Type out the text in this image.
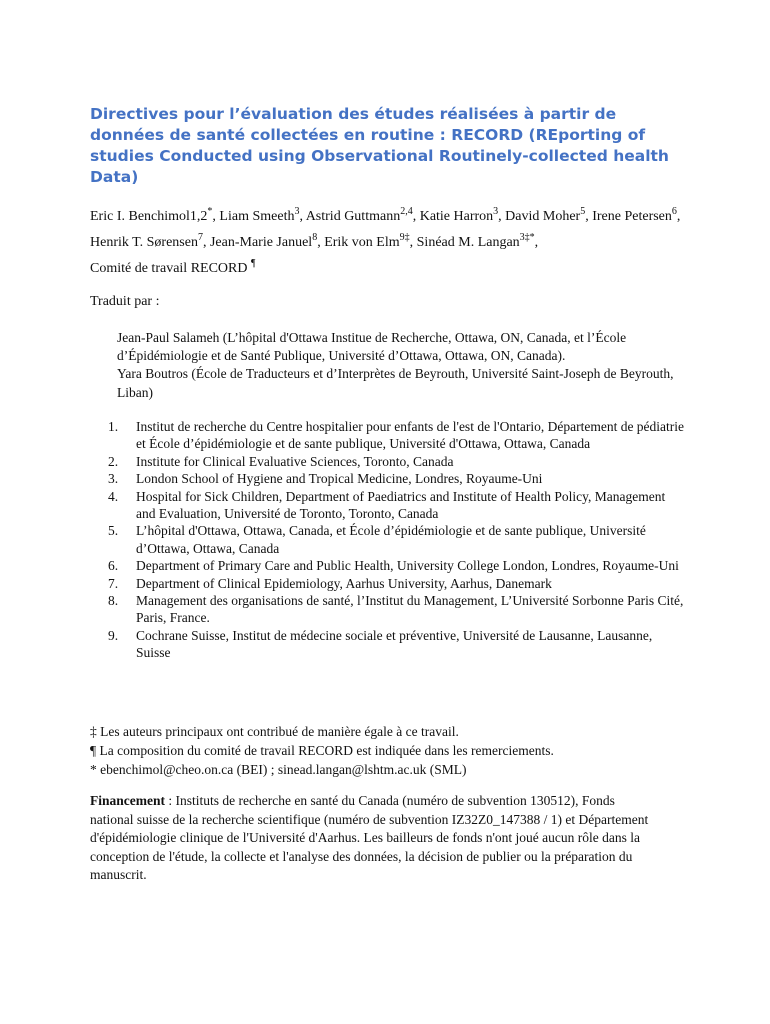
Directives pour l’évaluation des études réalisées à partir de données de santé collectées en routine : RECORD (REporting of studies Conducted using Observational Routinely-collected health Data)

Eric I. Benchimol1,2*, Liam Smeeth$^3$, Astrid Guttmann$^{2,4}$, Katie Harron$^3$, David Moher$^5$, Irene Petersen$^6$, Henrik T. Sørensen$^7$, Jean-Marie Januel$^8$, Erik von Elm$^{9\ddagger}$, Sinéad M. Langan$^{3\ddagger*}$,
Comité de travail RECORD ¶

Traduit par :

Jean-Paul Salameh (L’hôpital d'Ottawa Institue de Recherche, Ottawa, ON, Canada, et l’École d’Épidémiologie et de Santé Publique, Université d’Ottawa, Ottawa, ON, Canada).

Yara Boutros (École de Traducteurs et d’Interprètes de Beyrouth, Université Saint-Joseph de Beyrouth, Liban)

1.	Institut de recherche du Centre hospitalier pour enfants de l'est de l'Ontario, Département de pédiatrie et École d’épidémiologie et de sante publique, Université d'Ottawa, Ottawa, Canada
2.	Institute for Clinical Evaluative Sciences, Toronto, Canada
3.	London School of Hygiene and Tropical Medicine, Londres, Royaume-Uni
4.	Hospital for Sick Children, Department of Paediatrics and Institute of Health Policy, Management and Evaluation, Université de Toronto, Toronto, Canada
5.	L’hôpital d'Ottawa, Ottawa, Canada, et École d’épidémiologie et de sante publique, Université d’Ottawa, Ottawa, Canada
6.	Department of Primary Care and Public Health, University College London, Londres, Royaume-Uni
7.	Department of Clinical Epidemiology, Aarhus University, Aarhus, Danemark
8.	Management des organisations de santé, l’Institut du Management, L’Université Sorbonne Paris Cité, Paris, France.
9.	Cochrane Suisse, Institut de médecine sociale et préventive, Université de Lausanne, Lausanne, Suisse

‡ Les auteurs principaux ont contribué de manière égale à ce travail.

¶ La composition du comité de travail RECORD est indiquée dans les remerciements.

* ebenchimol@cheo.on.ca (BEI) ; sinead.langan@lshtm.ac.uk (SML)

Financement : Instituts de recherche en santé du Canada (numéro de subvention 130512), Fonds national suisse de la recherche scientifique (numéro de subvention IZ32Z0_147388 / 1) et Département d'épidémiologie clinique de l'Université d'Aarhus. Les bailleurs de fonds n'ont joué aucun rôle dans la conception de l'étude, la collecte et l'analyse des données, la décision de publier ou la préparation du manuscrit.
